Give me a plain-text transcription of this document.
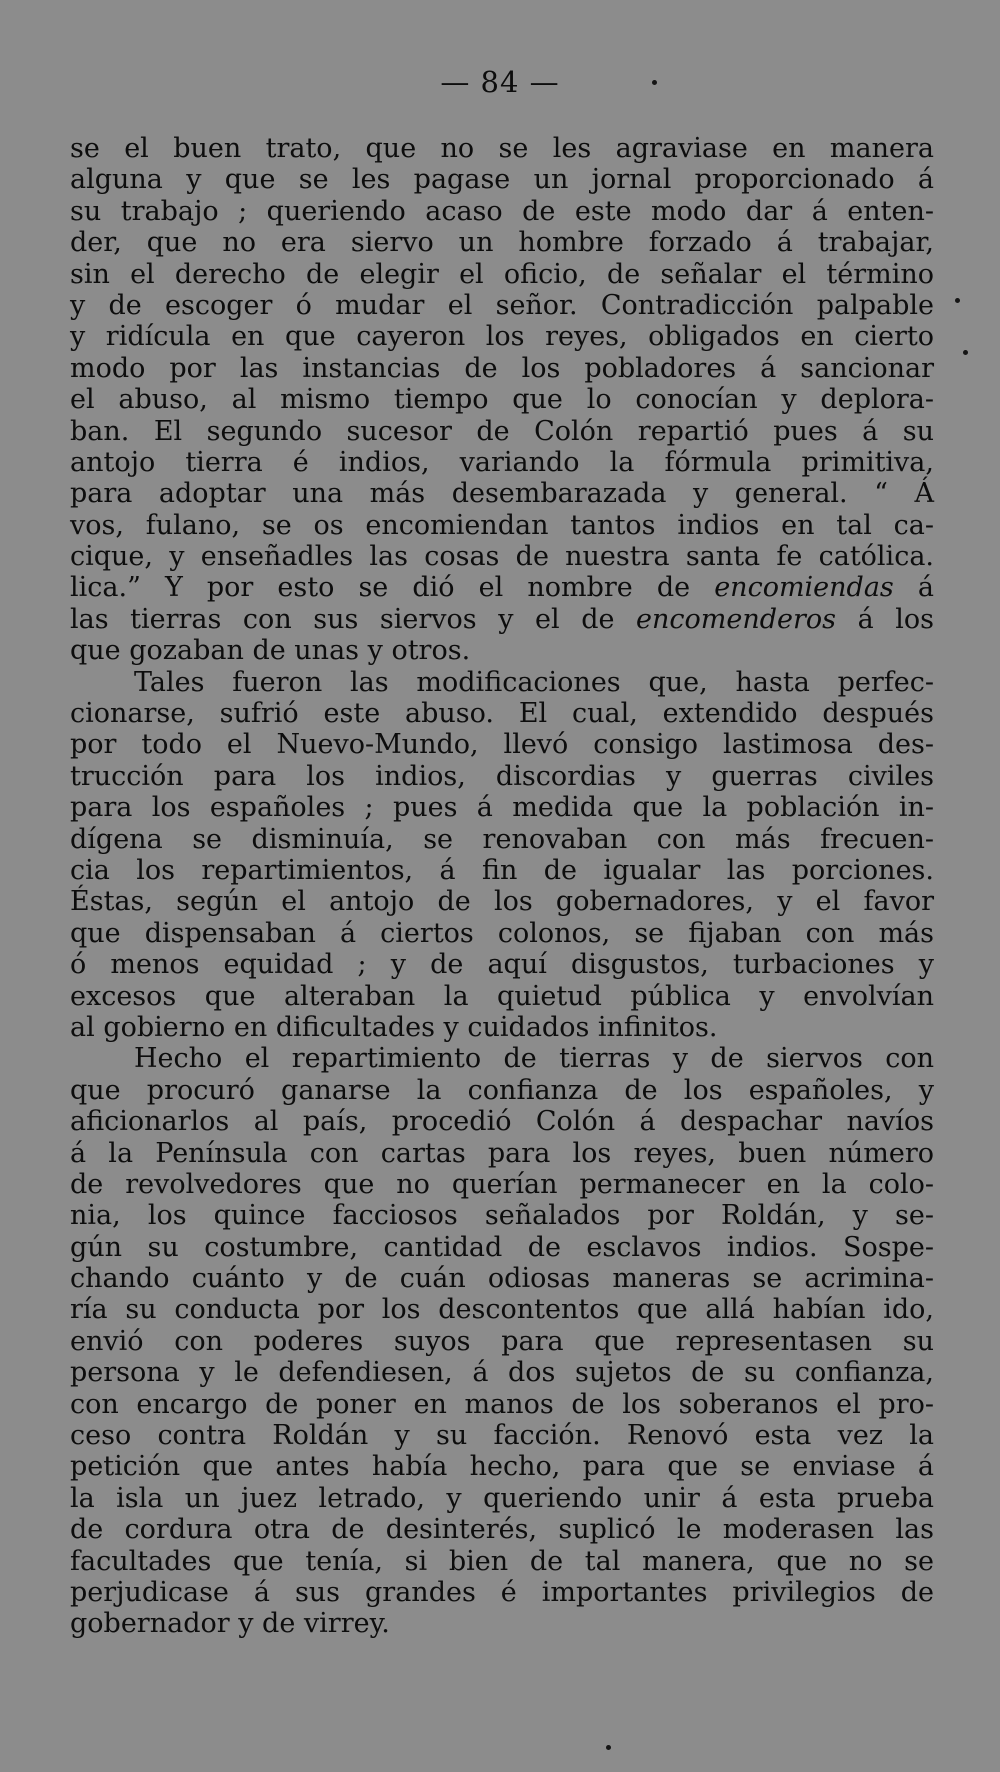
— 84 —
se el buen trato, que no se les agraviase en manera
alguna y que se les pagase un jornal proporcionado á
su trabajo ; queriendo acaso de este modo dar á enten-
der, que no era siervo un hombre forzado á trabajar,
sin el derecho de elegir el oficio, de señalar el término
y de escoger ó mudar el señor. Contradicción palpable
y ridícula en que cayeron los reyes, obligados en cierto
modo por las instancias de los pobladores á sancionar
el abuso, al mismo tiempo que lo conocían y deplora-
ban. El segundo sucesor de Colón repartió pues á su
antojo tierra é indios, variando la fórmula primitiva,
para adoptar una más desembarazada y general. “ Á
vos, fulano, se os encomiendan tantos indios en tal ca-
cique, y enseñadles las cosas de nuestra santa fe católica.
lica.” Y por esto se dió el nombre de encomiendas á
las tierras con sus siervos y el de encomenderos á los
que gozaban de unas y otros.
Tales fueron las modificaciones que, hasta perfec-
cionarse, sufrió este abuso. El cual, extendido después
por todo el Nuevo-Mundo, llevó consigo lastimosa des-
trucción para los indios, discordias y guerras civiles
para los españoles ; pues á medida que la población in-
dígena se disminuía, se renovaban con más frecuen-
cia los repartimientos, á fin de igualar las porciones.
Éstas, según el antojo de los gobernadores, y el favor
que dispensaban á ciertos colonos, se fijaban con más
ó menos equidad ; y de aquí disgustos, turbaciones y
excesos que alteraban la quietud pública y envolvían
al gobierno en dificultades y cuidados infinitos.
Hecho el repartimiento de tierras y de siervos con
que procuró ganarse la confianza de los españoles, y
aficionarlos al país, procedió Colón á despachar navíos
á la Península con cartas para los reyes, buen número
de revolvedores que no querían permanecer en la colo-
nia, los quince facciosos señalados por Roldán, y se-
gún su costumbre, cantidad de esclavos indios. Sospe-
chando cuánto y de cuán odiosas maneras se acrimina-
ría su conducta por los descontentos que allá habían ido,
envió con poderes suyos para que representasen su
persona y le defendiesen, á dos sujetos de su confianza,
con encargo de poner en manos de los soberanos el pro-
ceso contra Roldán y su facción. Renovó esta vez la
petición que antes había hecho, para que se enviase á
la isla un juez letrado, y queriendo unir á esta prueba
de cordura otra de desinterés, suplicó le moderasen las
facultades que tenía, si bien de tal manera, que no se
perjudicase á sus grandes é importantes privilegios de
gobernador y de virrey.
